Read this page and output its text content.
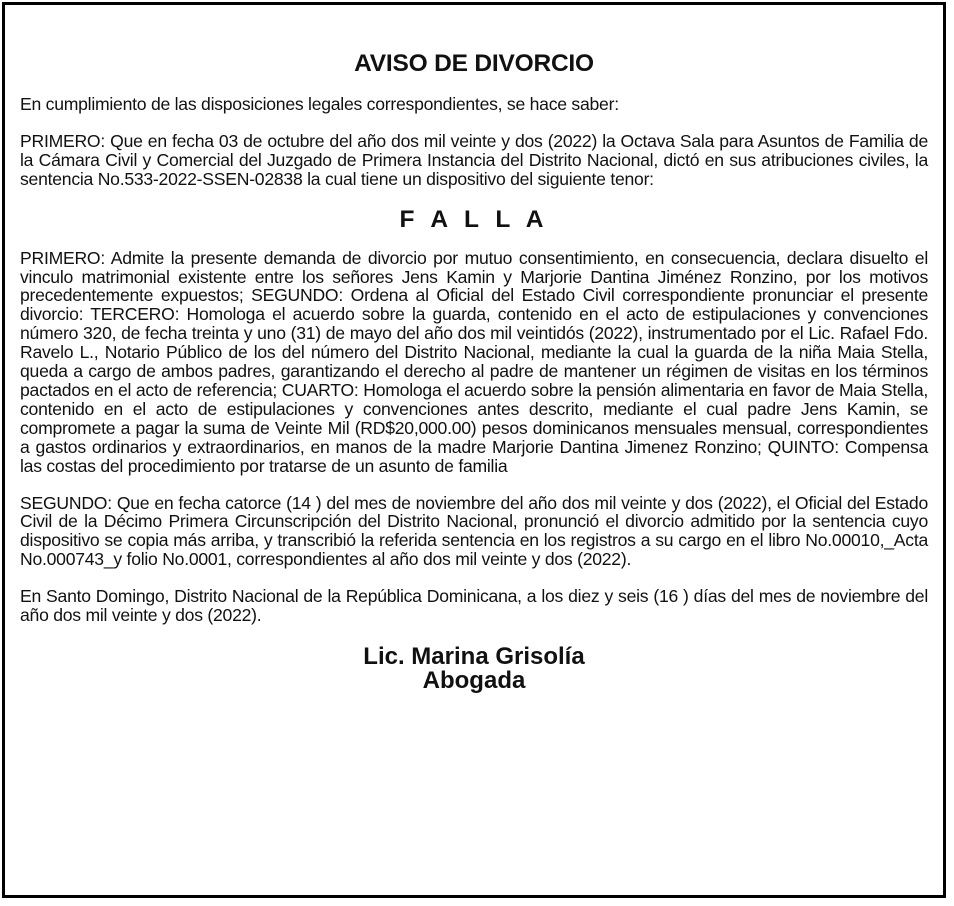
AVISO DE DIVORCIO

En cumplimiento de las disposiciones legales correspondientes, se hace saber:

PRIMERO: Que en fecha 03 de octubre del año dos mil veinte y dos (2022) la Octava Sala para Asuntos de Familia de la Cámara Civil y Comercial del Juzgado de Primera Instancia del Distrito Nacional, dictó en sus atribuciones civiles, la sentencia No.533-2022-SSEN-02838 la cual tiene un dispositivo del siguiente tenor:

F A L L A

PRIMERO: Admite la presente demanda de divorcio por mutuo consentimiento, en consecuencia, declara disuelto el vinculo matrimonial existente entre los señores Jens Kamin y Marjorie Dantina Jiménez Ronzino, por los motivos precedentemente expuestos; SEGUNDO: Ordena al Oficial del Estado Civil correspondiente pronunciar el presente divorcio: TERCERO: Homologa el acuerdo sobre la guarda, contenido en el acto de estipulaciones y convenciones número 320, de fecha treinta y uno (31) de mayo del año dos mil veintidós (2022), instrumentado por el Lic. Rafael Fdo. Ravelo L., Notario Público de los del número del Distrito Nacional, mediante la cual la guarda de la niña Maia Stella, queda a cargo de ambos padres, garantizando el derecho al padre de mantener un régimen de visitas en los términos pactados en el acto de referencia; CUARTO: Homologa el acuerdo sobre la pensión alimentaria en favor de Maia Stella, contenido en el acto de estipulaciones y convenciones antes descrito, mediante el cual padre Jens Kamin, se compromete a pagar la suma de Veinte Mil (RD$20,000.00) pesos dominicanos mensuales mensual, correspondientes a gastos ordinarios y extraordinarios, en manos de la madre Marjorie Dantina Jimenez Ronzino; QUINTO: Compensa las costas del procedimiento por tratarse de un asunto de familia

SEGUNDO: Que en fecha catorce (14 ) del mes de noviembre del año dos mil veinte y dos (2022), el Oficial del Estado Civil de la Décimo Primera Circunscripción del Distrito Nacional, pronunció el divorcio admitido por la sentencia cuyo dispositivo se copia más arriba, y transcribió la referida sentencia en los registros a su cargo en el libro No.00010,_Acta No.000743_y folio No.0001, correspondientes al año dos mil veinte y dos (2022).

En Santo Domingo, Distrito Nacional de la República Dominicana, a los diez y seis (16 ) días del mes de noviembre del año dos mil veinte y dos (2022).

Lic. Marina Grisolía
Abogada
